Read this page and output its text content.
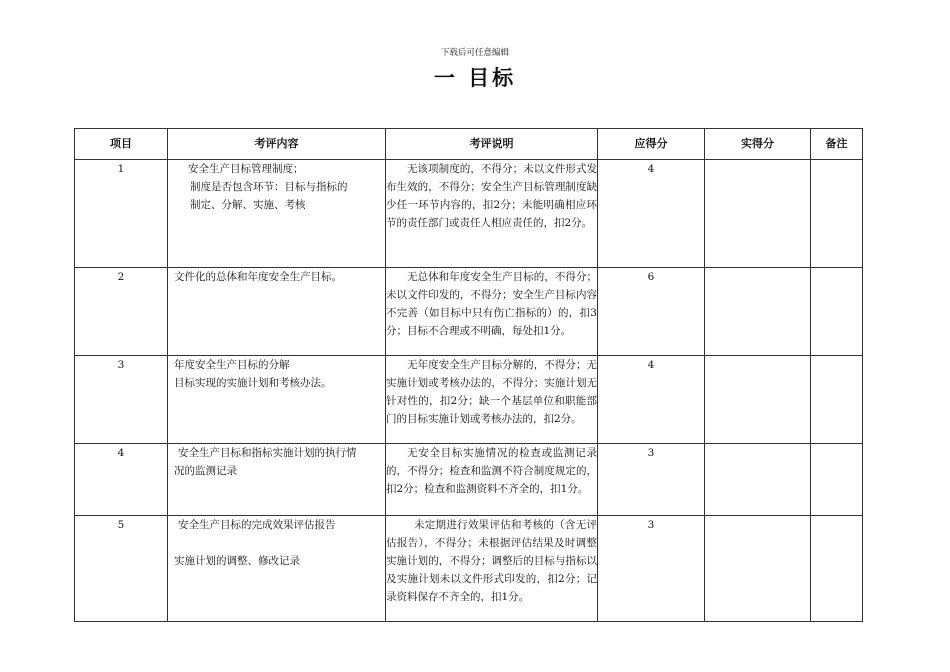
下载后可任意编辑
一 目标
项目	考评内容	考评说明	应得分	实得分	备注
1	安全生产目标管理制度；
制度是否包含环节：目标与指标的
制定、分解、实施、考核	无该项制度的，不得分；未以文件形式发布生效的，不得分；安全生产目标管理制度缺少任一环节内容的，扣2分；未能明确相应环节的责任部门或责任人相应责任的，扣2分。	4		
2	文件化的总体和年度安全生产目标。	无总体和年度安全生产目标的，不得分；未以文件印发的，不得分；安全生产目标内容不完善（如目标中只有伤亡指标的）的，扣3分；目标不合理或不明确，每处扣1分。	6		
3	年度安全生产目标的分解
目标实现的实施计划和考核办法。	无年度安全生产目标分解的，不得分；无实施计划或考核办法的，不得分；实施计划无针对性的，扣2分；缺一个基层单位和职能部门的目标实施计划或考核办法的，扣2分。	4		
4	安全生产目标和指标实施计划的执行情
况的监测记录	无安全目标实施情况的检查或监测记录的，不得分；检查和监测不符合制度规定的，扣2分；检查和监测资料不齐全的，扣1分。	3		
5	安全生产目标的完成效果评估报告
实施计划的调整、修改记录	未定期进行效果评估和考核的（含无评估报告），不得分；未根据评估结果及时调整实施计划的，不得分；调整后的目标与指标以及实施计划未以文件形式印发的，扣2分；记录资料保存不齐全的，扣1分。	3		
